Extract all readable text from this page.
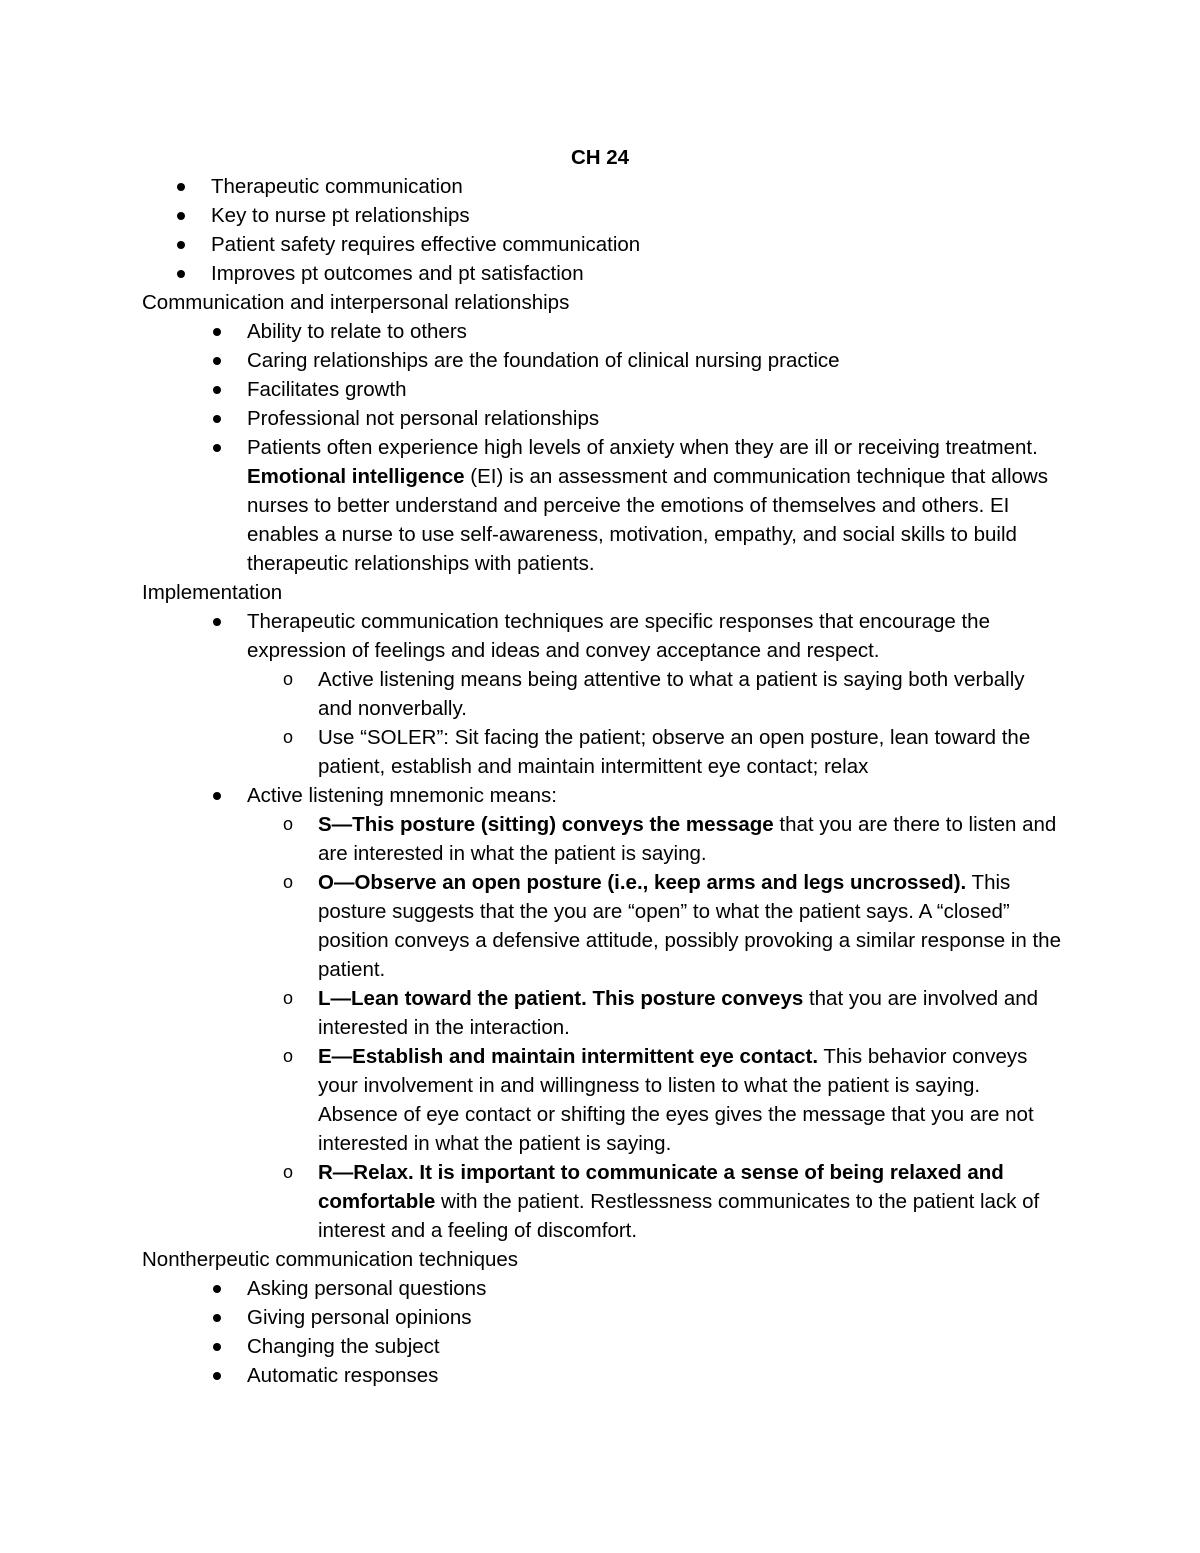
CH 24
Therapeutic communication
Key to nurse pt relationships
Patient safety requires effective communication
Improves pt outcomes and pt satisfaction
Communication and interpersonal relationships
Ability to relate to others
Caring relationships are the foundation of clinical nursing practice
Facilitates growth
Professional not personal relationships
Patients often experience high levels of anxiety when they are ill or receiving treatment. Emotional intelligence (EI) is an assessment and communication technique that allows nurses to better understand and perceive the emotions of themselves and others. EI enables a nurse to use self-awareness, motivation, empathy, and social skills to build therapeutic relationships with patients.
Implementation
Therapeutic communication techniques are specific responses that encourage the expression of feelings and ideas and convey acceptance and respect.
o Active listening means being attentive to what a patient is saying both verbally and nonverbally.
o Use “SOLER”: Sit facing the patient; observe an open posture, lean toward the patient, establish and maintain intermittent eye contact; relax
Active listening mnemonic means:
o S—This posture (sitting) conveys the message that you are there to listen and are interested in what the patient is saying.
o O—Observe an open posture (i.e., keep arms and legs uncrossed). This posture suggests that the you are “open” to what the patient says. A “closed” position conveys a defensive attitude, possibly provoking a similar response in the patient.
o L—Lean toward the patient. This posture conveys that you are involved and interested in the interaction.
o E—Establish and maintain intermittent eye contact. This behavior conveys your involvement in and willingness to listen to what the patient is saying. Absence of eye contact or shifting the eyes gives the message that you are not interested in what the patient is saying.
o R—Relax. It is important to communicate a sense of being relaxed and comfortable with the patient. Restlessness communicates to the patient lack of interest and a feeling of discomfort.
Nontherpeutic communication techniques
Asking personal questions
Giving personal opinions
Changing the subject
Automatic responses
